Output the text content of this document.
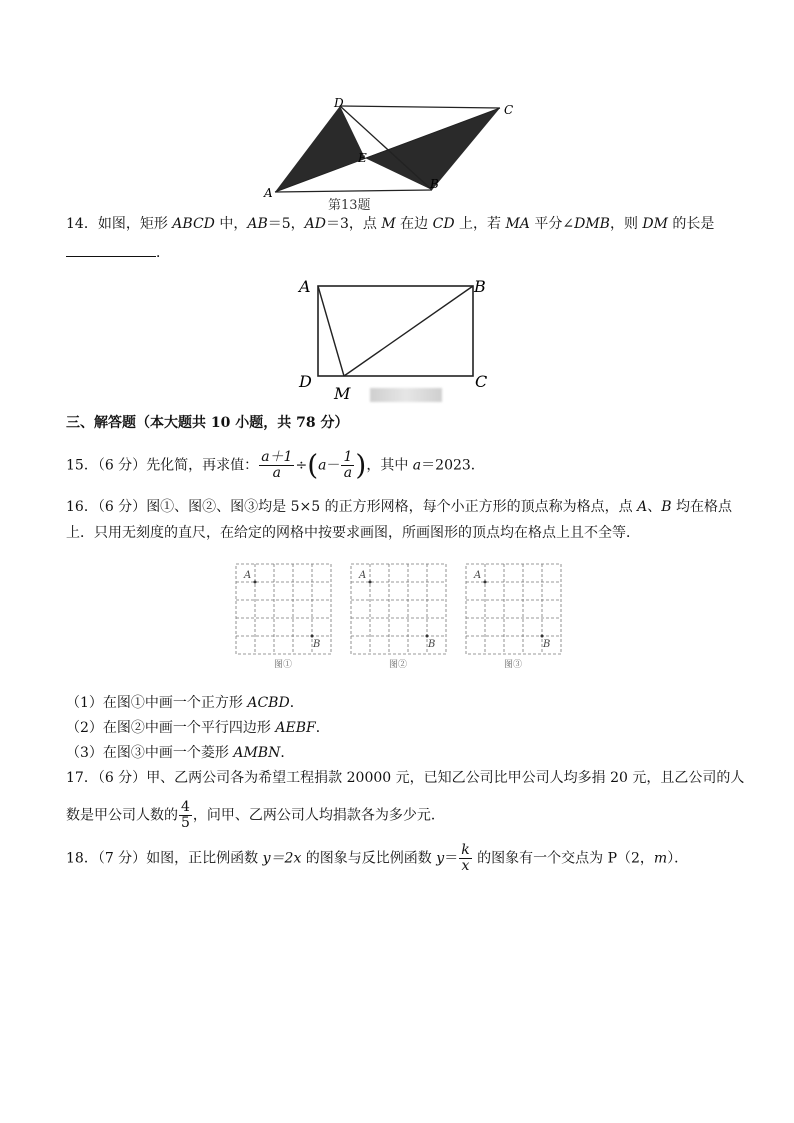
D	C
E
A
B
第13题
14．如图，矩形 ABCD 中，AB＝5，AD＝3，点 M 在边 CD 上，若 MA 平分∠DMB，则 DM 的长是
．
A	B
D
M
C
三、解答题（本大题共 10 小题，共 78 分）
15．（6 分）先化简，再求值： $\frac{a+1}{a} \div(a- \frac{1}{a}$ )，其中 a＝2023．
16．（6 分）图①、图②、图③均是 5×5 的正方形网格，每个小正方形的顶点称为格点，点 A、B 均在格点
上．只用无刻度的直尺，在给定的网格中按要求画图，所画图形的顶点均在格点上且不全等．
A
B
图①
A
B
图②
A
B
图③
（1）在图①中画一个正方形 ACBD．
（2）在图②中画一个平行四边形 AEBF．
（3）在图③中画一个菱形 AMBN．
17．（6 分）甲、乙两公司各为希望工程捐款 20000 元，已知乙公司比甲公司人均多捐 20 元，且乙公司的人
数是甲公司人数的 $\frac{4}{5}$ ，问甲、乙两公司人均捐款各为多少元．
18．（7 分）如图，正比例函数 y＝2x 的图象与反比例函数 $y= \frac{k}{x}$ 的图象有一个交点为 P（2，m）．
